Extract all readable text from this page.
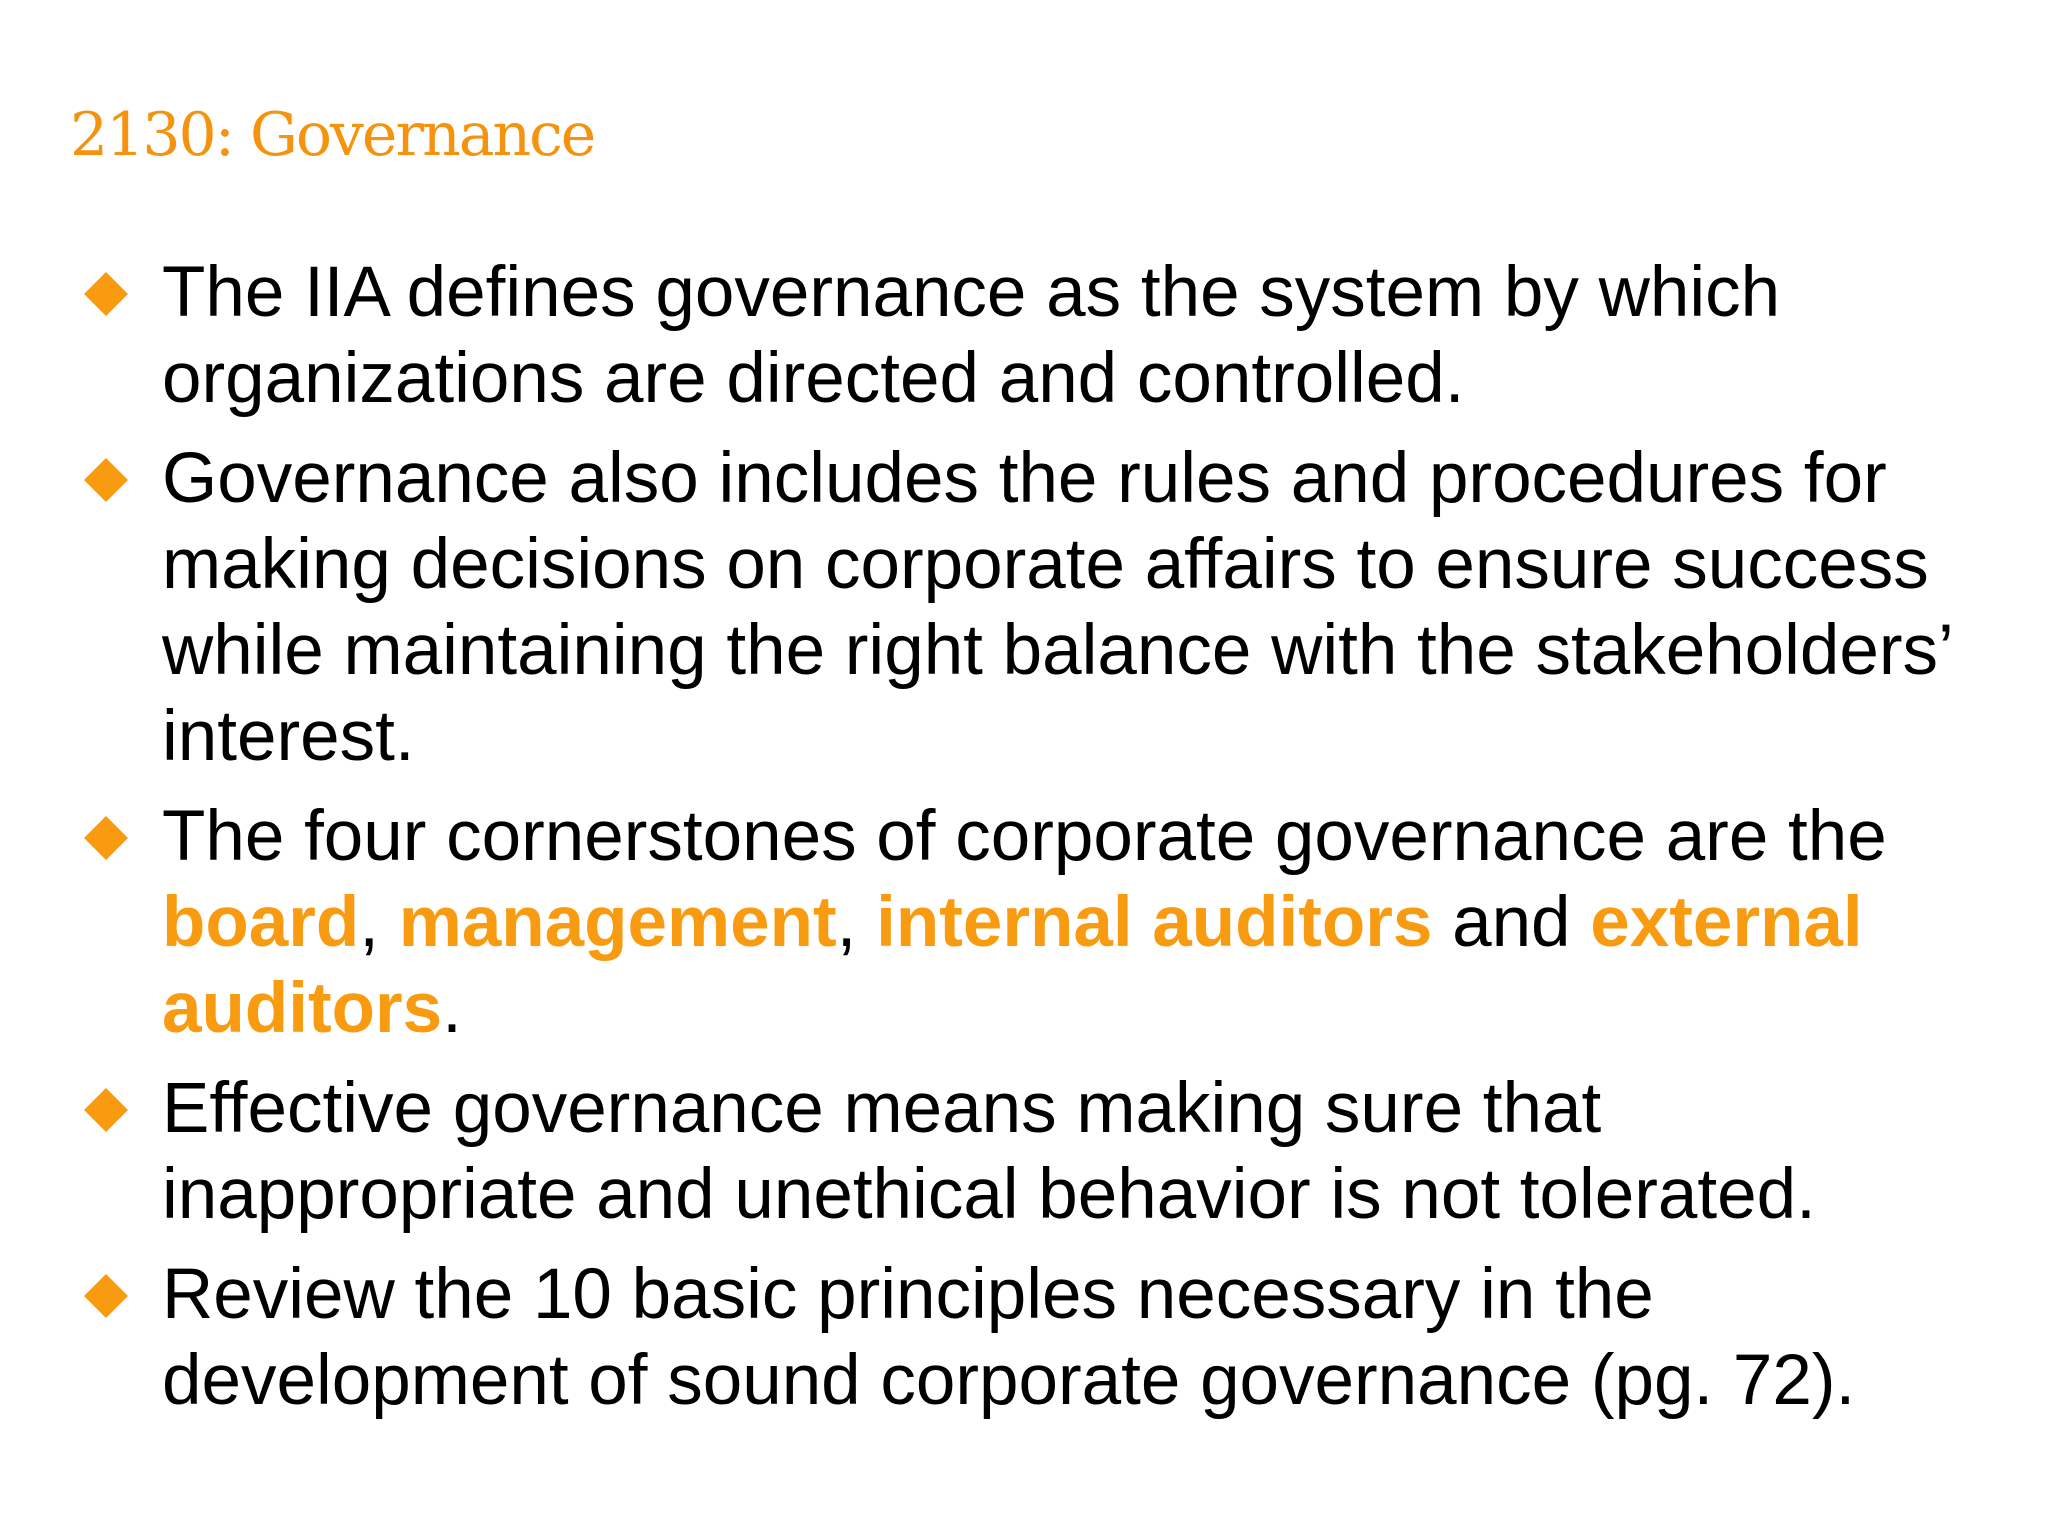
2130: Governance
The IIA defines governance as the system by which organizations are directed and controlled.
Governance also includes the rules and procedures for making decisions on corporate affairs to ensure success while maintaining the right balance with the stakeholders’ interest.
The four cornerstones of corporate governance are the board, management, internal auditors and external auditors.
Effective governance means making sure that inappropriate and unethical behavior is not tolerated.
Review the 10 basic principles necessary in the development of sound corporate governance (pg. 72).
